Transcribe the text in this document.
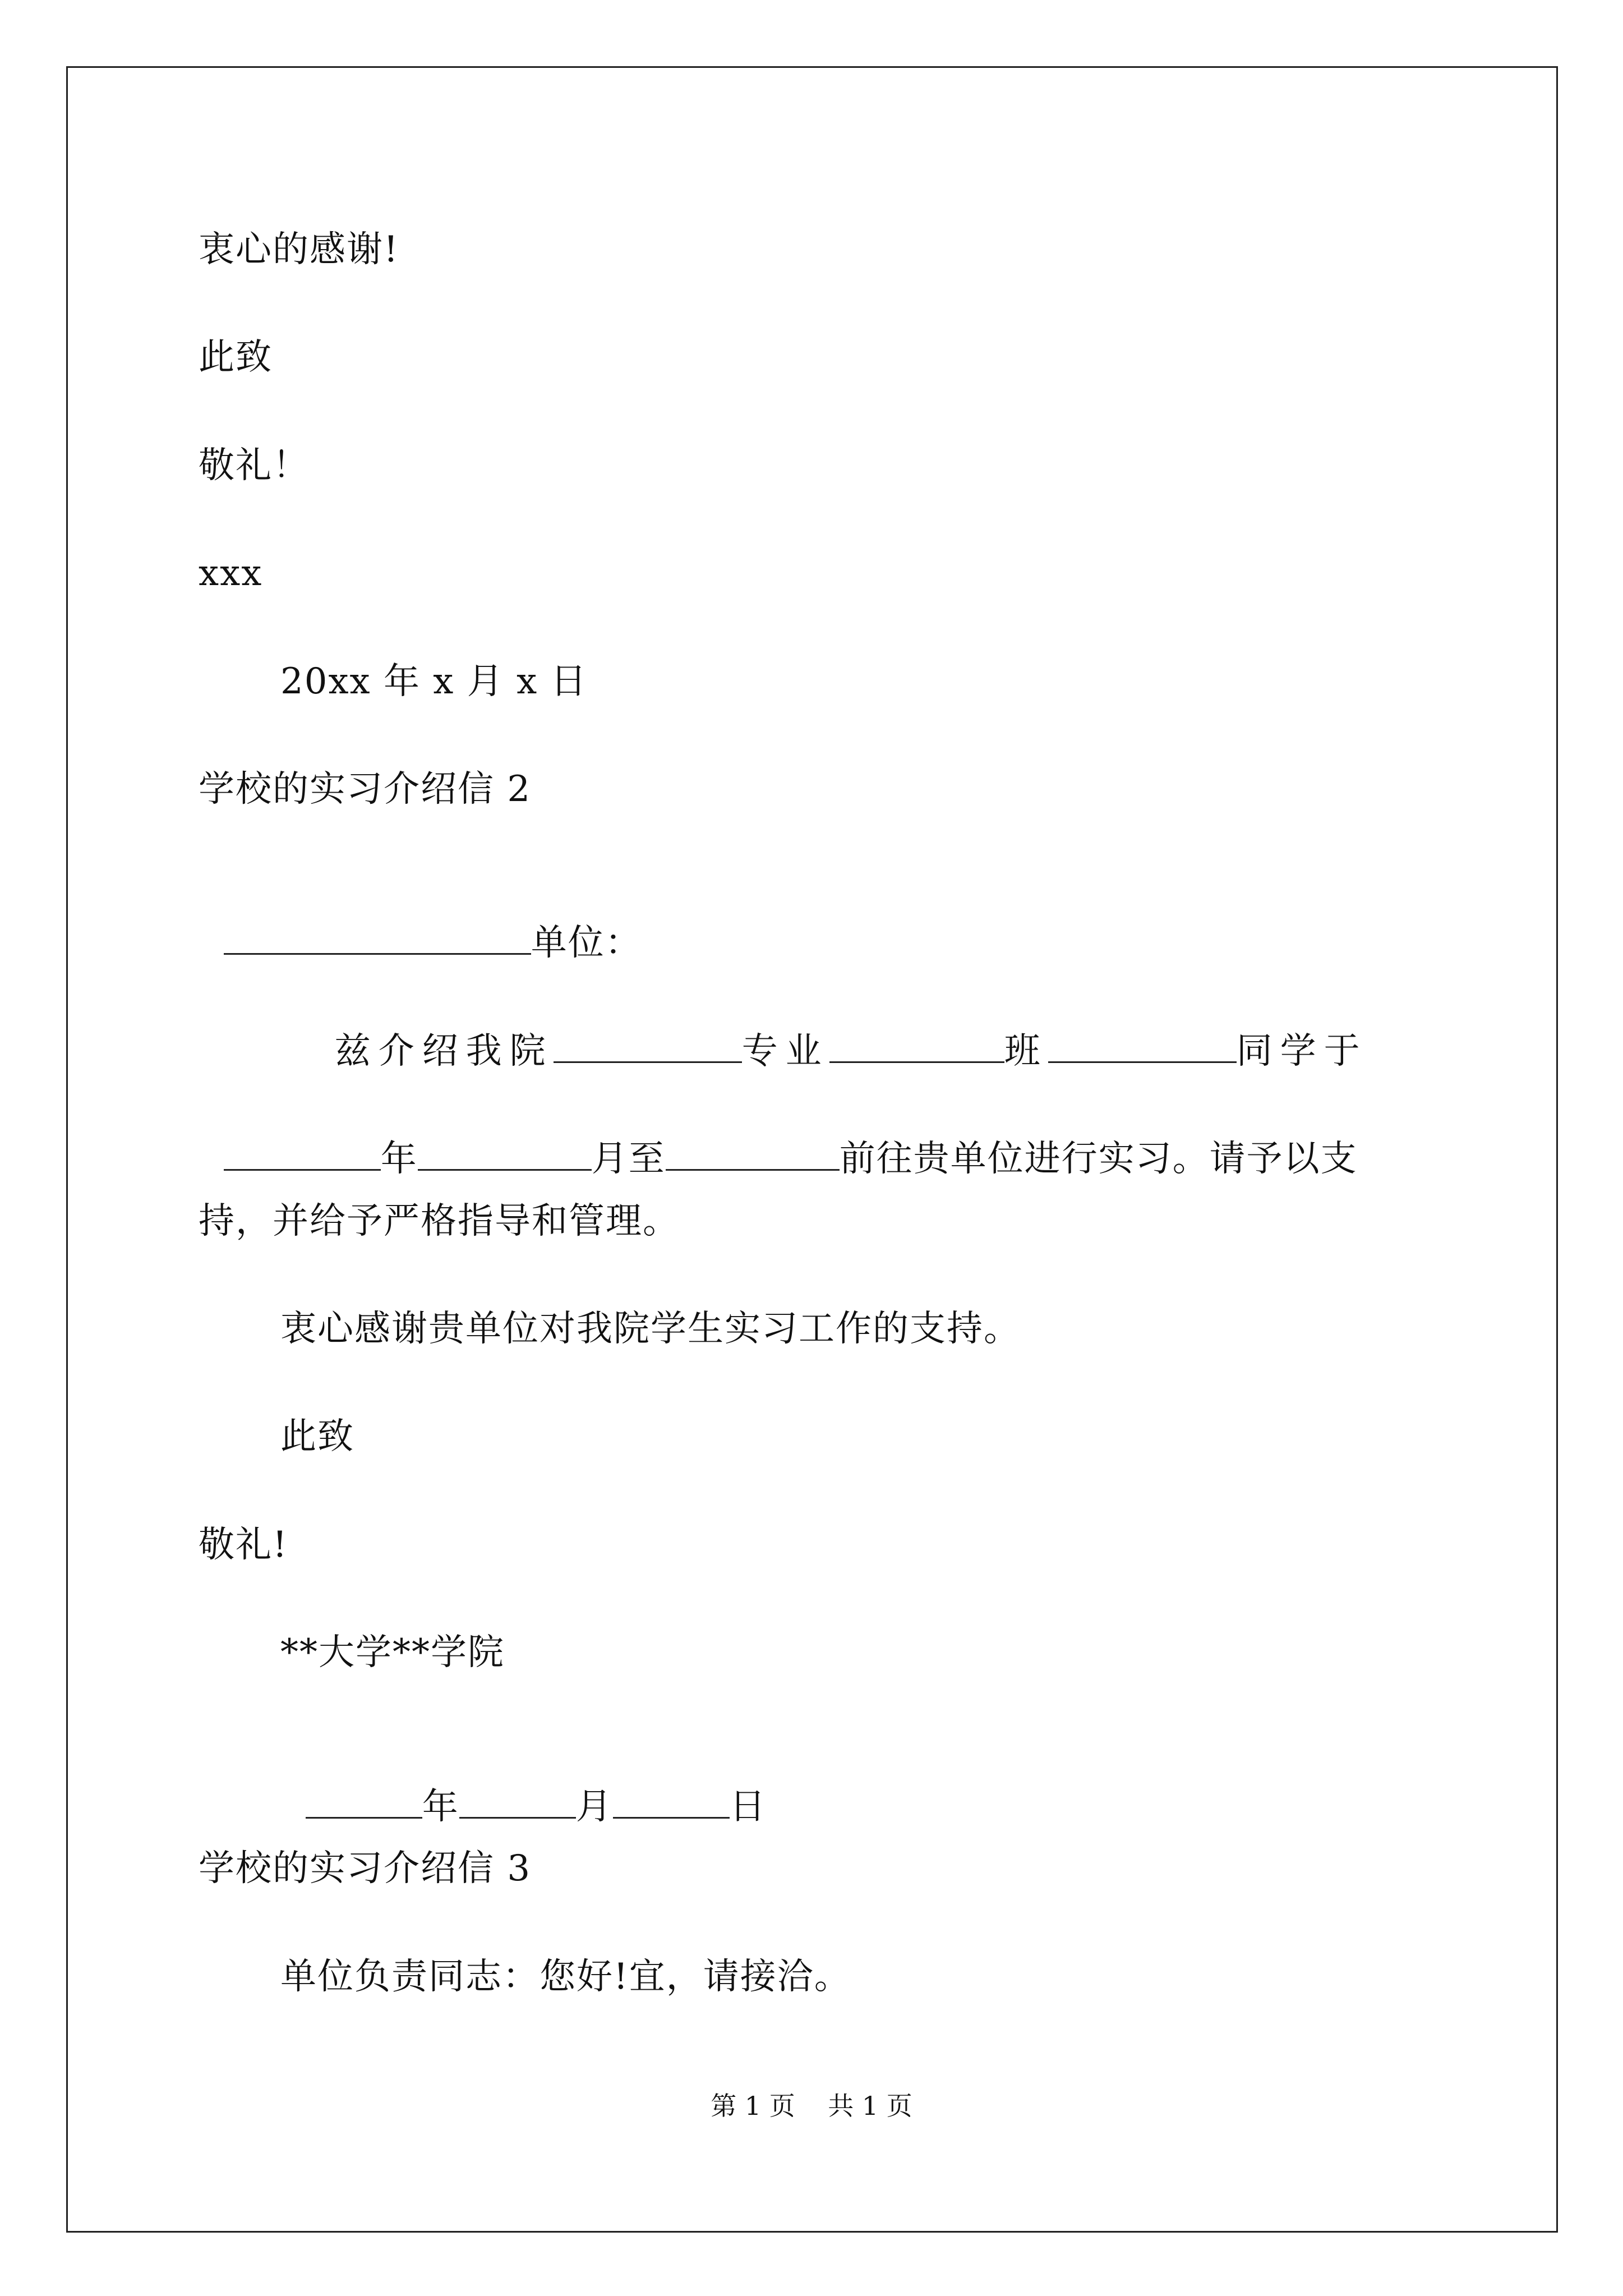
衷心的感谢!
此致
敬礼！
xxx
20xx 年 x 月 x 日
学校的实习介绍信 2

单位：

兹介绍我院	专业	班	同学于

年	月至	前往贵单位进行实习。请予以支

持，并给予严格指导和管理。
衷心感谢贵单位对我院学生实习工作的支持。
此致
敬礼!
**大学**学院

年	月	日

学校的实习介绍信 3
单位负责同志：您好!宜，请接洽。
第 1 页    共 1 页
